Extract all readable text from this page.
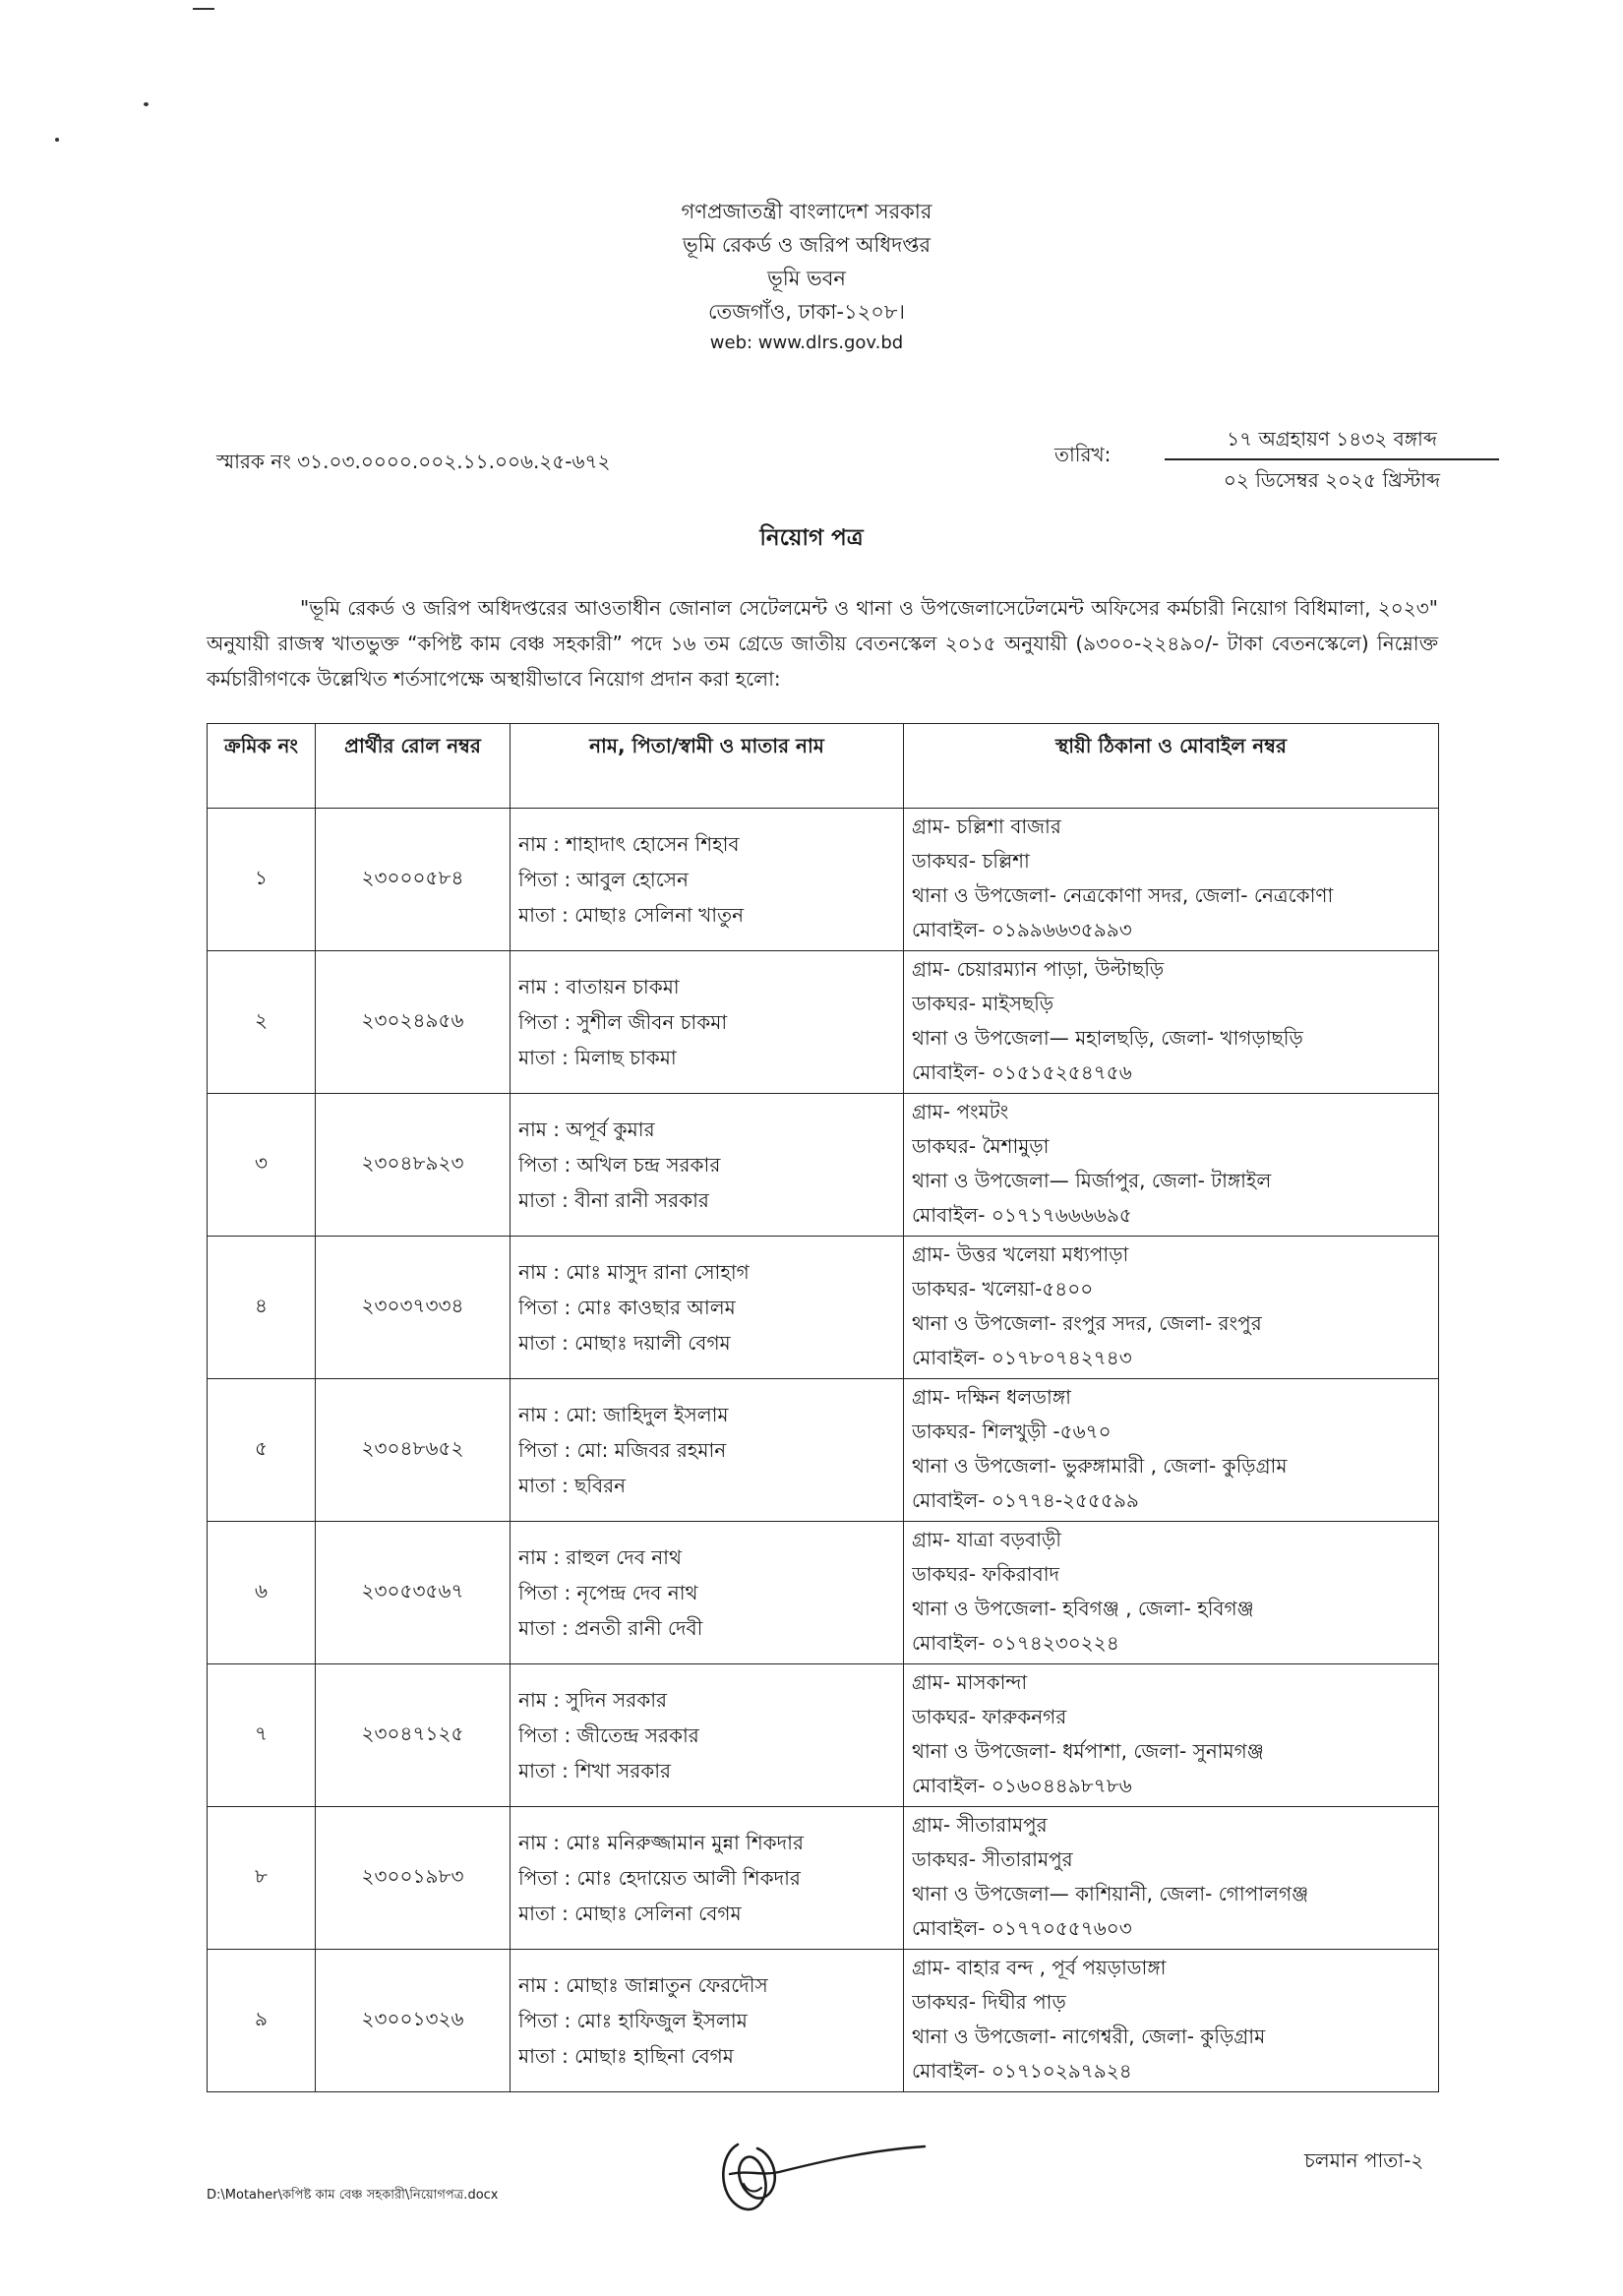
গণপ্রজাতন্ত্রী বাংলাদেশ সরকার
ভূমি রেকর্ড ও জরিপ অধিদপ্তর
ভূমি ভবন
তেজগাঁও, ঢাকা-১২০৮।
web: www.dlrs.gov.bd
স্মারক নং ৩১.০৩.০০০০.০০২.১১.০০৬.২৫-৬৭২	তারিখ:
১৭ অগ্রহায়ণ ১৪৩২ বঙ্গাব্দ
০২ ডিসেম্বর ২০২৫ খ্রিস্টাব্দ
নিয়োগ পত্র
"ভূমি রেকর্ড ও জরিপ অধিদপ্তরের আওতাধীন জোনাল সেটেলমেন্ট ও থানা ও উপজেলাসেটেলমেন্ট অফিসের কর্মচারী নিয়োগ বিধিমালা, ২০২৩" অনুযায়ী রাজস্ব খাতভুক্ত “কপিষ্ট কাম বেঞ্চ সহকারী” পদে ১৬ তম গ্রেডে জাতীয় বেতনস্কেল ২০১৫ অনুযায়ী (৯৩০০-২২৪৯০/- টাকা বেতনস্কেলে) নিম্নোক্ত কর্মচারীগণকে উল্লেখিত শর্তসাপেক্ষে অস্থায়ীভাবে নিয়োগ প্রদান করা হলো:
ক্রমিক নং	প্রার্থীর রোল নম্বর	নাম, পিতা/স্বামী ও মাতার নাম	স্থায়ী ঠিকানা ও মোবাইল নম্বর
১	২৩০০০৫৮৪	নাম : শাহাদাৎ হোসেন শিহাব
পিতা : আবুল হোসেন
মাতা : মোছাঃ সেলিনা খাতুন	গ্রাম- চল্লিশা বাজার
ডাকঘর- চল্লিশা
থানা ও উপজেলা- নেত্রকোণা সদর, জেলা- নেত্রকোণা
মোবাইল- ০১৯৯৬৬৩৫৯৯৩

২	২৩০২৪৯৫৬	নাম : বাতায়ন চাকমা
পিতা : সুশীল জীবন চাকমা
মাতা : মিলাছ চাকমা	গ্রাম- চেয়ারম্যান পাড়া, উল্টাছড়ি
ডাকঘর- মাইসছড়ি
থানা ও উপজেলা— মহালছড়ি, জেলা- খাগড়াছড়ি
মোবাইল- ০১৫১৫২৫৪৭৫৬

৩	২৩০৪৮৯২৩	নাম : অপূর্ব কুমার
পিতা : অখিল চন্দ্র সরকার
মাতা : বীনা রানী সরকার	গ্রাম- পংমটং
ডাকঘর- মৈশামুড়া
থানা ও উপজেলা— মির্জাপুর, জেলা- টাঙ্গাইল
মোবাইল- ০১৭১৭৬৬৬৬৯৫

৪	২৩০৩৭৩৩৪	নাম : মোঃ মাসুদ রানা সোহাগ
পিতা : মোঃ কাওছার আলম
মাতা : মোছাঃ দয়ালী বেগম	গ্রাম- উত্তর খলেয়া মধ্যপাড়া
ডাকঘর- খলেয়া-৫৪০০
থানা ও উপজেলা- রংপুর সদর, জেলা- রংপুর
মোবাইল- ০১৭৮০৭৪২৭৪৩

৫	২৩০৪৮৬৫২	নাম : মো: জাহিদুল ইসলাম
পিতা : মো: মজিবর রহমান
মাতা : ছবিরন	গ্রাম- দক্ষিন ধলডাঙ্গা
ডাকঘর- শিলখুড়ী -৫৬৭০
থানা ও উপজেলা- ভুরুঙ্গামারী , জেলা- কুড়িগ্রাম
মোবাইল- ০১৭৭৪-২৫৫৫৯৯

৬	২৩০৫৩৫৬৭	নাম : রাহুল দেব নাথ
পিতা : নৃপেন্দ্র দেব নাথ
মাতা : প্রনতী রানী দেবী	গ্রাম- যাত্রা বড়বাড়ী
ডাকঘর- ফকিরাবাদ
থানা ও উপজেলা- হবিগঞ্জ , জেলা- হবিগঞ্জ
মোবাইল- ০১৭৪২৩০২২৪

৭	২৩০৪৭১২৫	নাম : সুদিন সরকার
পিতা : জীতেন্দ্র সরকার
মাতা : শিখা সরকার	গ্রাম- মাসকান্দা
ডাকঘর- ফারুকনগর
থানা ও উপজেলা- ধর্মপাশা, জেলা- সুনামগঞ্জ
মোবাইল- ০১৬০৪৪৯৮৭৮৬

৮	২৩০০১৯৮৩	নাম : মোঃ মনিরুজ্জামান মুন্না শিকদার
পিতা : মোঃ হেদায়েত আলী শিকদার
মাতা : মোছাঃ সেলিনা বেগম	গ্রাম- সীতারামপুর
ডাকঘর- সীতারামপুর
থানা ও উপজেলা— কাশিয়ানী, জেলা- গোপালগঞ্জ
মোবাইল- ০১৭৭০৫৫৭৬০৩

৯	২৩০০১৩২৬	নাম : মোছাঃ জান্নাতুন ফেরদৌস
পিতা : মোঃ হাফিজুল ইসলাম
মাতা : মোছাঃ হাছিনা বেগম	গ্রাম- বাহার বন্দ , পূর্ব পয়ড়াডাঙ্গা
ডাকঘর- দিঘীর পাড়
থানা ও উপজেলা- নাগেশ্বরী, জেলা- কুড়িগ্রাম
মোবাইল- ০১৭১০২৯৭৯২৪
D:\Motaher\কপিষ্ট কাম বেঞ্চ সহকারী\নিয়োগপত্র.docx
চলমান পাতা-২
